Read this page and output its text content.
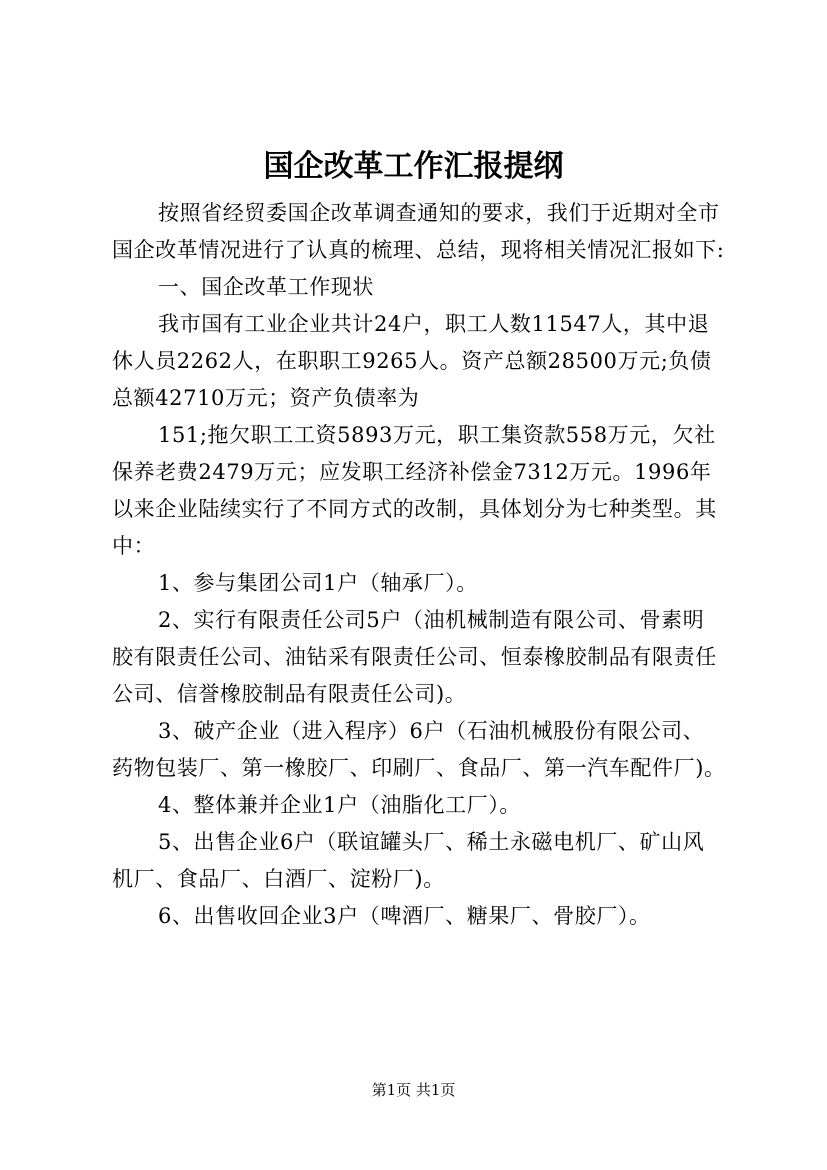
国企改革工作汇报提纲
按照省经贸委国企改革调查通知的要求，我们于近期对全市
国企改革情况进行了认真的梳理、总结，现将相关情况汇报如下:
一、国企改革工作现状
我市国有工业企业共计24户，职工人数11547人，其中退
休人员2262人，在职职工9265人。资产总额28500万元;负债
总额42710万元；资产负债率为
151;拖欠职工工资5893万元，职工集资款558万元，欠社
保养老费2479万元；应发职工经济补偿金7312万元。1996年
以来企业陆续实行了不同方式的改制，具体划分为七种类型。其
中：
1、参与集团公司1户（轴承厂）。
2、实行有限责任公司5户（油机械制造有限公司、骨素明
胶有限责任公司、油钻采有限责任公司、恒泰橡胶制品有限责任
公司、信誉橡胶制品有限责任公司)。
3、破产企业（进入程序）6户（石油机械股份有限公司、
药物包装厂、第一橡胶厂、印刷厂、食品厂、第一汽车配件厂)。
4、整体兼并企业1户（油脂化工厂）。
5、出售企业6户（联谊罐头厂、稀土永磁电机厂、矿山风
机厂、食品厂、白酒厂、淀粉厂)。
6、出售收回企业3户（啤酒厂、糖果厂、骨胶厂）。
第1页 共1页
